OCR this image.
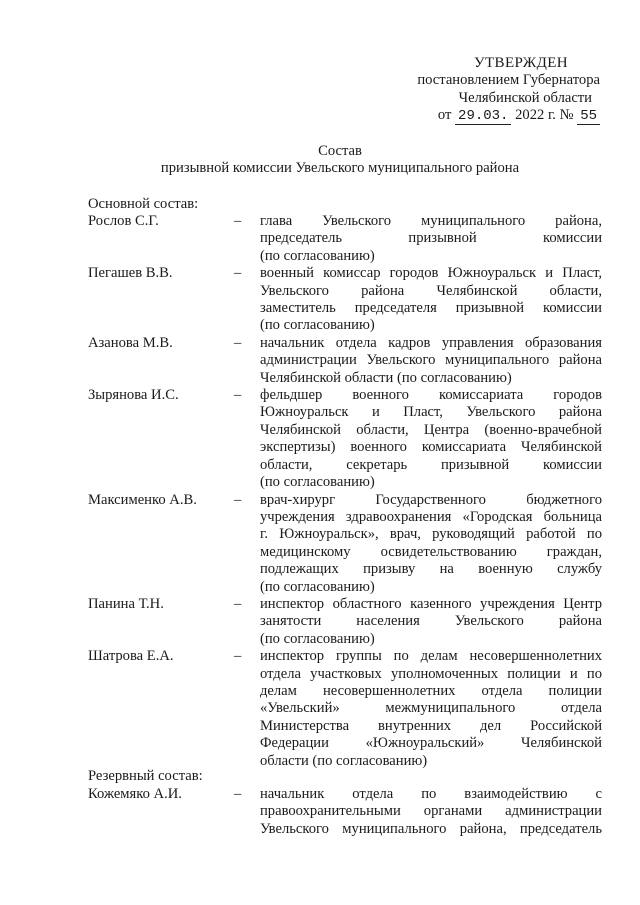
УТВЕРЖДЕН
постановлением Губернатора
Челябинской области
от 29.03. 2022 г. № 55
Состав
призывной комиссии Увельского муниципального района
Основной состав:
Рослов С.Г.	–	глава Увельского муниципального района,
председатель призывной комиссии
(по согласованию)
Пегашев В.В.	–	военный комиссар городов Южноуральск и Пласт,
Увельского района Челябинской области,
заместитель председателя призывной комиссии
(по согласованию)
Азанова М.В.	–	начальник отдела кадров управления образования
администрации Увельского муниципального района
Челябинской области (по согласованию)
Зырянова И.С.	–	фельдшер военного комиссариата городов
Южноуральск и Пласт, Увельского района
Челябинской области, Центра (военно-врачебной
экспертизы) военного комиссариата Челябинской
области, секретарь призывной комиссии
(по согласованию)
Максименко А.В.	–	врач-хирург Государственного бюджетного
учреждения здравоохранения «Городская больница
г. Южноуральск», врач, руководящий работой по
медицинскому освидетельствованию граждан,
подлежащих призыву на военную службу
(по согласованию)
Панина Т.Н.	–	инспектор областного казенного учреждения Центр
занятости населения Увельского района
(по согласованию)
Шатрова Е.А.	–	инспектор группы по делам несовершеннолетних
отдела участковых уполномоченных полиции и по
делам несовершеннолетних отдела полиции
«Увельский» межмуниципального отдела
Министерства внутренних дел Российской
Федерации «Южноуральский» Челябинской
области (по согласованию)
Резервный состав:
Кожемяко А.И.	–	начальник отдела по взаимодействию с
правоохранительными органами администрации
Увельского муниципального района, председатель
